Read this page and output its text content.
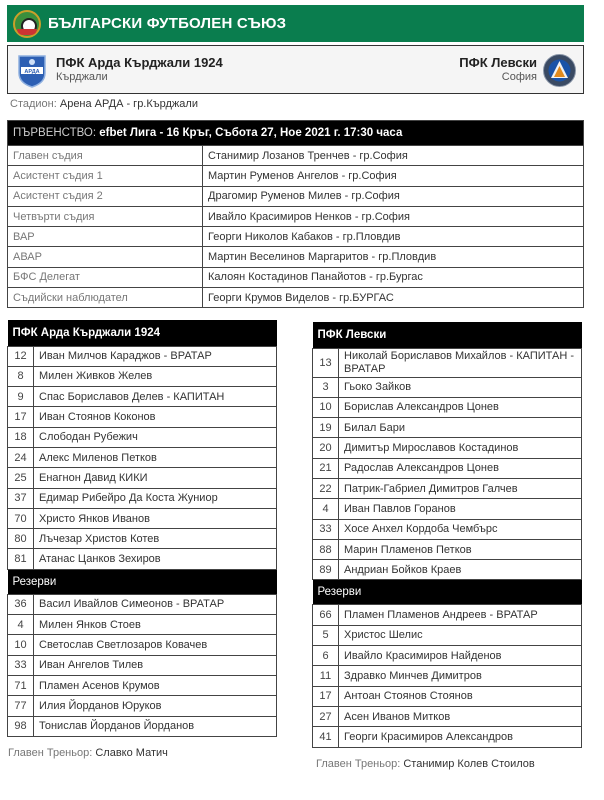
БЪЛГАРСКИ ФУТБОЛЕН СЪЮЗ
АРДА
ПФК Арда Кърджали 1924
Кърджали
ПФК Левски
София
Стадион: Арена АРДА - гр.Кърджали
ПЪРВЕНСТВО: efbet Лига - 16 Кръг, Събота 27, Ное 2021 г. 17:30 часа	
Главен съдия	Станимир Лозанов Тренчев - гр.София
Асистент съдия 1	Мартин Руменов Ангелов - гр.София
Асистент съдия 2	Драгомир Руменов Милев - гр.София
Четвърти съдия	Ивайло Красимиров Ненков - гр.София
ВАР	Георги Николов Кабаков - гр.Пловдив
АВАР	Мартин Веселинов Маргаритов - гр.Пловдив
БФС Делегат	Калоян Костадинов Панайотов - гр.Бургас
Съдийски наблюдател	Георги Крумов Виделов - гр.БУРГАС
ПФК Арда Кърджали 1924	
12	Иван Милчов Караджов - ВРАТАР
8	Милен Живков Желев
9	Спас Бориславов Делев - КАПИТАН
17	Иван Стоянов Коконов
18	Слободан Рубежич
24	Алекс Миленов Петков
25	Енагнон Давид КИКИ
37	Едимар Рибейро Да Коста Жуниор
70	Христо Янков Иванов
80	Лъчезар Христов Котев
81	Атанас Цанков Зехиров
Резерви	
36	Васил Ивайлов Симеонов - ВРАТАР
4	Милен Янков Стоев
10	Светослав Светлозаров Ковачев
33	Иван Ангелов Тилев
71	Пламен Асенов Крумов
77	Илия Йорданов Юруков
98	Тонислав Йорданов Йорданов
Главен Треньор: Славко Матич
ПФК Левски	
13	Николай Бориславов Михайлов - КАПИТАН - ВРАТАР
3	Гьоко Зайков
10	Борислав Александров Цонев
19	Билал Бари
20	Димитър Мирославов Костадинов
21	Радослав Александров Цонев
22	Патрик-Габриел Димитров Галчев
4	Иван Павлов Горанов
33	Хосе Анхел Кордоба Чембърс
88	Марин Пламенов Петков
89	Андриан Бойков Краев
Резерви	
66	Пламен Пламенов Андреев - ВРАТАР
5	Христос Шелис
6	Ивайло Красимиров Найденов
11	Здравко Минчев Димитров
17	Антоан Стоянов Стоянов
27	Асен Иванов Митков
41	Георги Красимиров Александров
Главен Треньор: Станимир Колев Стоилов
